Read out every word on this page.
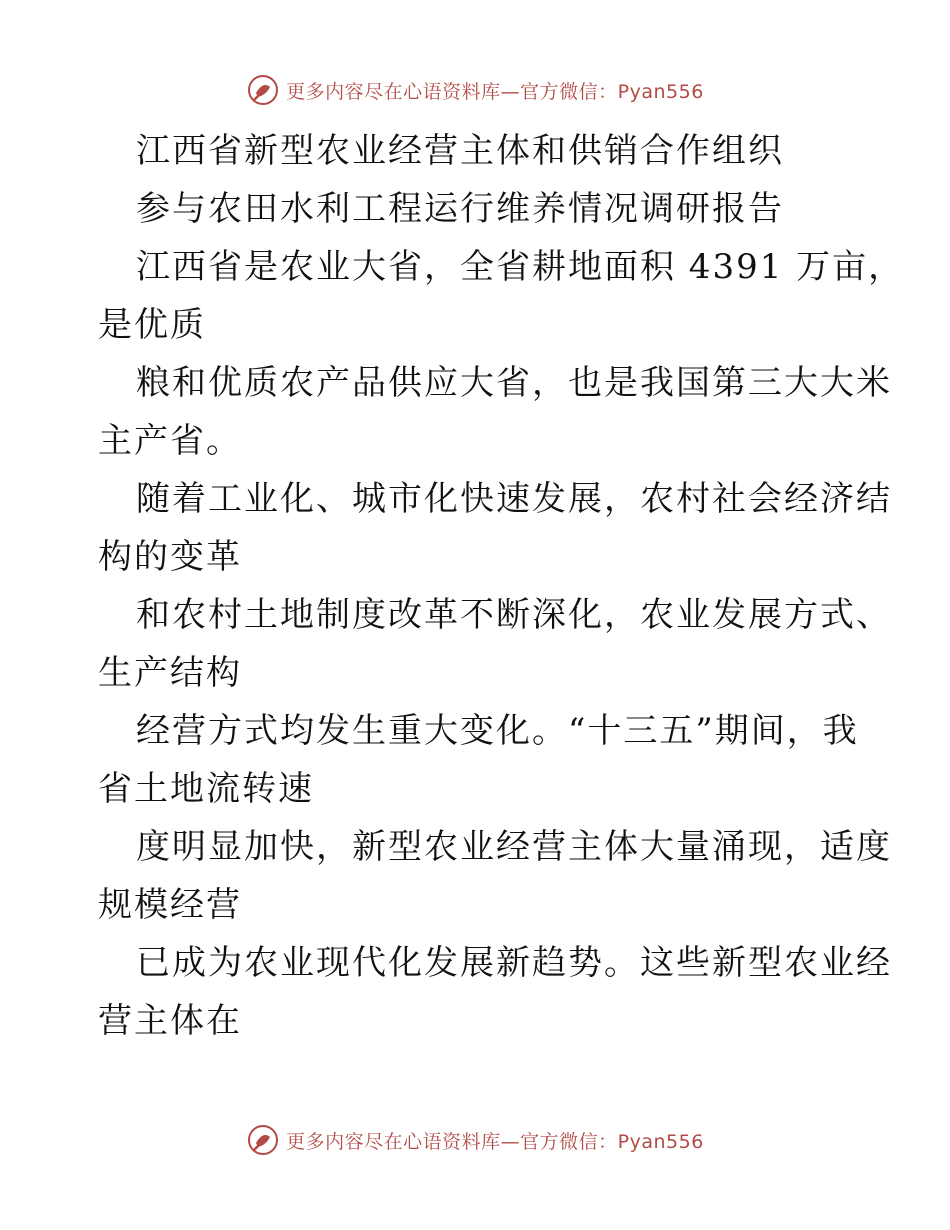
更多内容尽在心语资料库—官方微信：Pyan556
江西省新型农业经营主体和供销合作组织
参与农田水利工程运行维养情况调研报告
江西省是农业大省，全省耕地面积 4391 万亩，
是优质
粮和优质农产品供应大省，也是我国第三大大米
主产省。
随着工业化、城市化快速发展，农村社会经济结
构的变革
和农村土地制度改革不断深化，农业发展方式、
生产结构
经营方式均发生重大变化。“十三五”期间，我
省土地流转速
度明显加快，新型农业经营主体大量涌现，适度
规模经营
已成为农业现代化发展新趋势。这些新型农业经
营主体在
更多内容尽在心语资料库—官方微信：Pyan556
